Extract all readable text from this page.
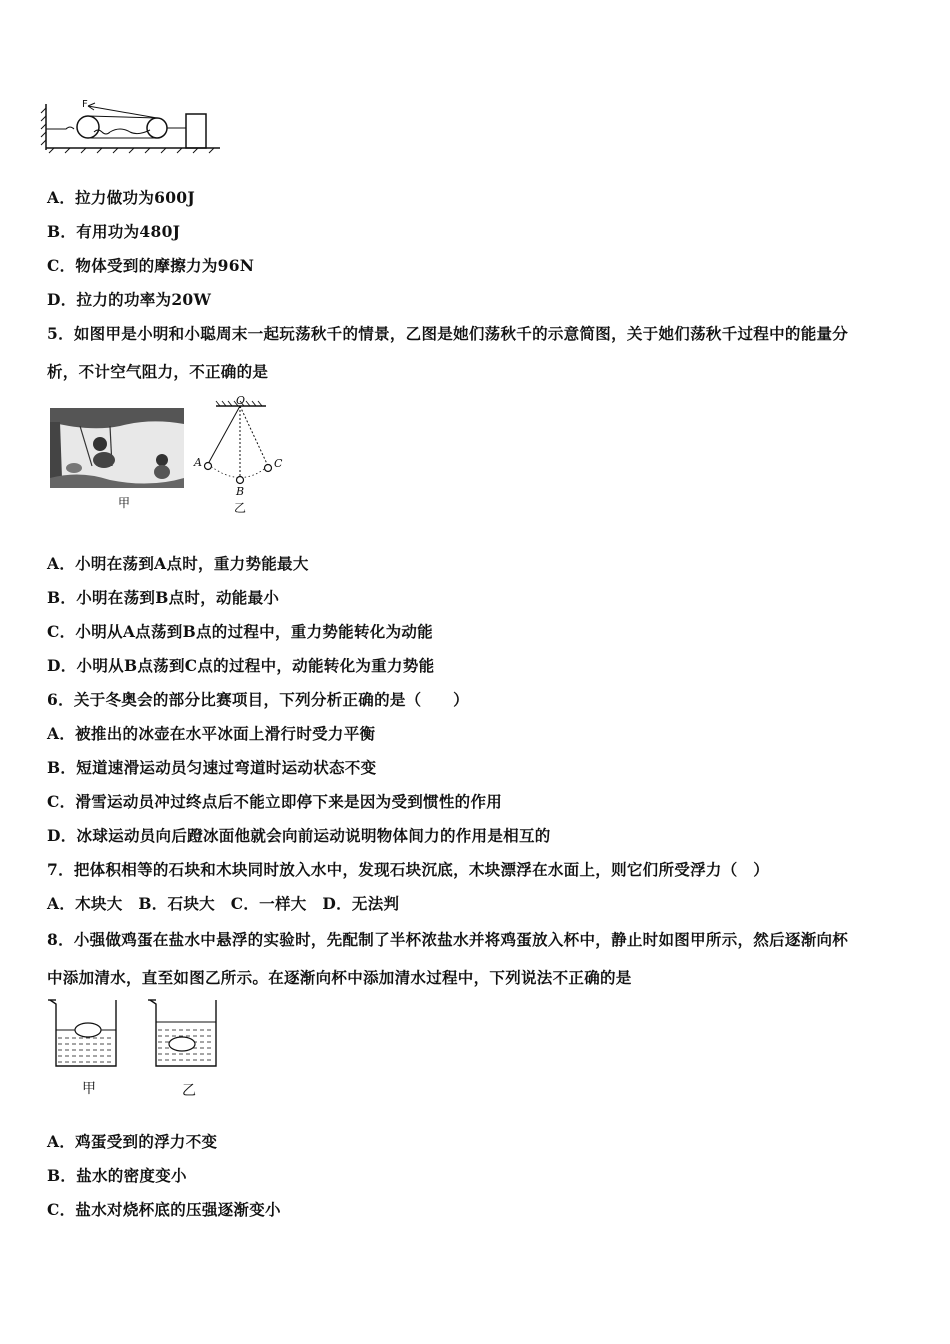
F
A．拉力做功为600J
B．有用功为480J
C．物体受到的摩擦力为96N
D．拉力的功率为20W
5．如图甲是小明和小聪周末一起玩荡秋千的情景，乙图是她们荡秋千的示意简图，关于她们荡秋千过程中的能量分
析，不计空气阻力，不正确的是
甲
O
A
B
C
乙
A．小明在荡到A点时，重力势能最大
B．小明在荡到B点时，动能最小
C．小明从A点荡到B点的过程中，重力势能转化为动能
D．小明从B点荡到C点的过程中，动能转化为重力势能
6．关于冬奥会的部分比赛项目，下列分析正确的是（　　）
A．被推出的冰壶在水平冰面上滑行时受力平衡
B．短道速滑运动员匀速过弯道时运动状态不变
C．滑雪运动员冲过终点后不能立即停下来是因为受到惯性的作用
D．冰球运动员向后蹬冰面他就会向前运动说明物体间力的作用是相互的
7．把体积相等的石块和木块同时放入水中，发现石块沉底，木块漂浮在水面上，则它们所受浮力（　）
A．木块大　B．石块大　C．一样大　D．无法判
8．小强做鸡蛋在盐水中悬浮的实验时，先配制了半杯浓盐水并将鸡蛋放入杯中，静止时如图甲所示，然后逐渐向杯
中添加清水，直至如图乙所示。在逐渐向杯中添加清水过程中，下列说法不正确的是
甲	乙
A．鸡蛋受到的浮力不变
B．盐水的密度变小
C．盐水对烧杯底的压强逐渐变小
